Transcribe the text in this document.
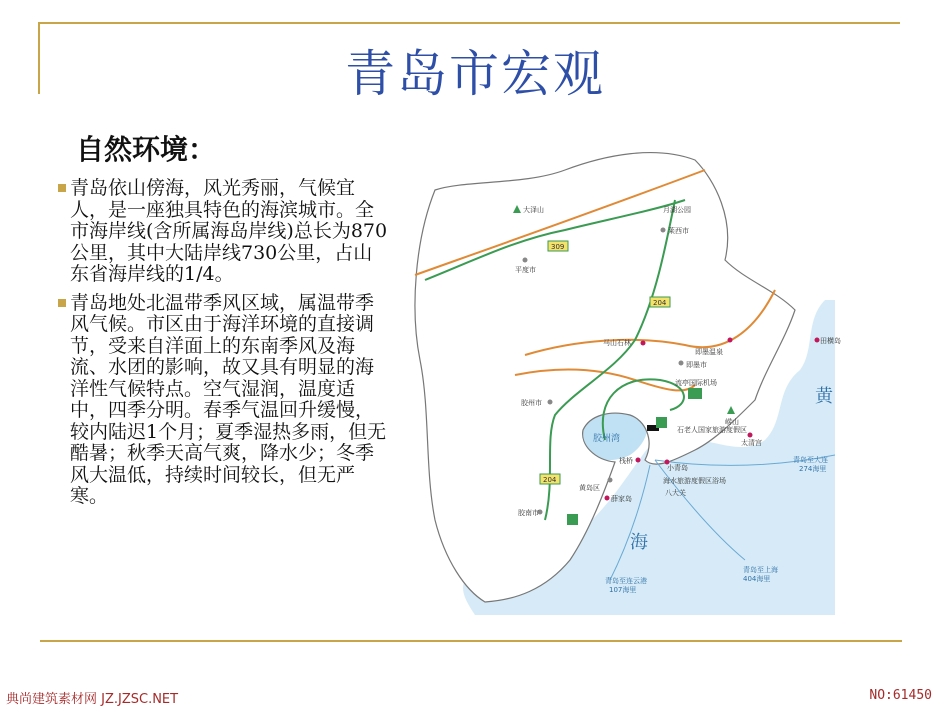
青岛市宏观
自然环境：

青岛依山傍海，风光秀丽，气候宜人，是一座独具特色的海滨城市。全市海岸线(含所属海岛岸线)总长为870公里，其中大陆岸线730公里，占山东省海岸线的1/4。

青岛地处北温带季风区域，属温带季风气候。市区由于海洋环境的直接调节，受来自洋面上的东南季风及海流、水团的影响，故又具有明显的海洋性气候特点。空气湿润，温度适中，四季分明。春季气温回升缓慢，较内陆迟1个月；夏季湿热多雨，但无酷暑；秋季天高气爽，降水少；冬季风大温低，持续时间较长，但无严寒。

309
204
204
大泽山	月湖公园
莱西市
平度市
马山石林
即墨温泉
田横岛
即墨市
流亭国际机场
胶州市
崂山
胶州湾
石老人国家旅游度假区
太清宫
栈桥
小青岛
海水旅游度假区浴场
八大关
黄岛区
薛家岛
胶南市
黄
海
青岛至大连
274海里
青岛至上海
404海里
青岛至连云港
107海里
典尚建筑素材网 JZ.JZSC.NET	NO:61450
